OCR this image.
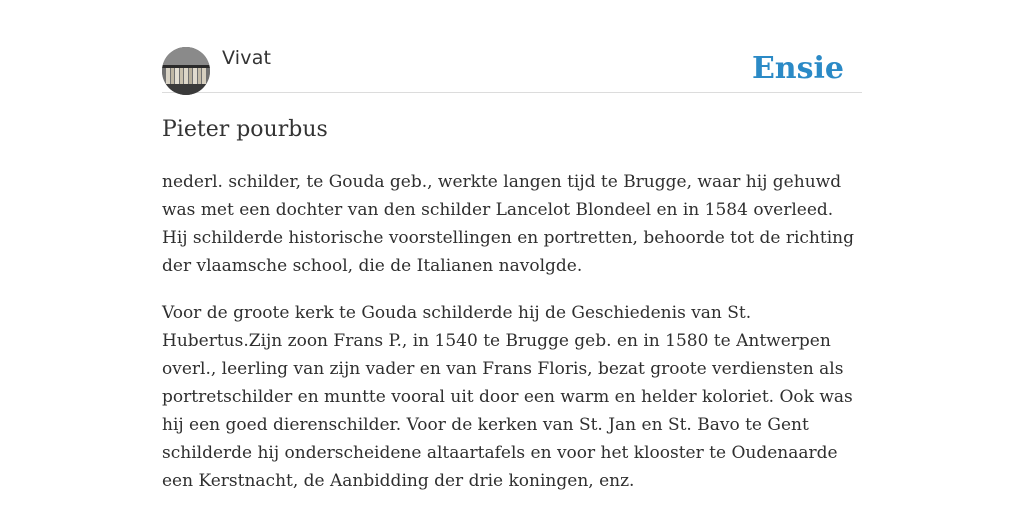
Vivat	Ensie
Pieter pourbus

nederl. schilder, te Gouda geb., werkte langen tijd te Brugge, waar hij gehuwd was met een dochter van den schilder Lancelot Blondeel en in 1584 overleed. Hij schilderde historische voorstellingen en portretten, behoorde tot de richting der vlaamsche school, die de Italianen navolgde.

Voor de groote kerk te Gouda schilderde hij de Geschiedenis van St. Hubertus.Zijn zoon Frans P., in 1540 te Brugge geb. en in 1580 te Antwerpen overl., leerling van zijn vader en van Frans Floris, bezat groote verdiensten als portretschilder en muntte vooral uit door een warm en helder koloriet. Ook was hij een goed dierenschilder. Voor de kerken van St. Jan en St. Bavo te Gent schilderde hij onderscheidene altaartafels en voor het klooster te Oudenaarde een Kerstnacht, de Aanbidding der drie koningen, enz.
